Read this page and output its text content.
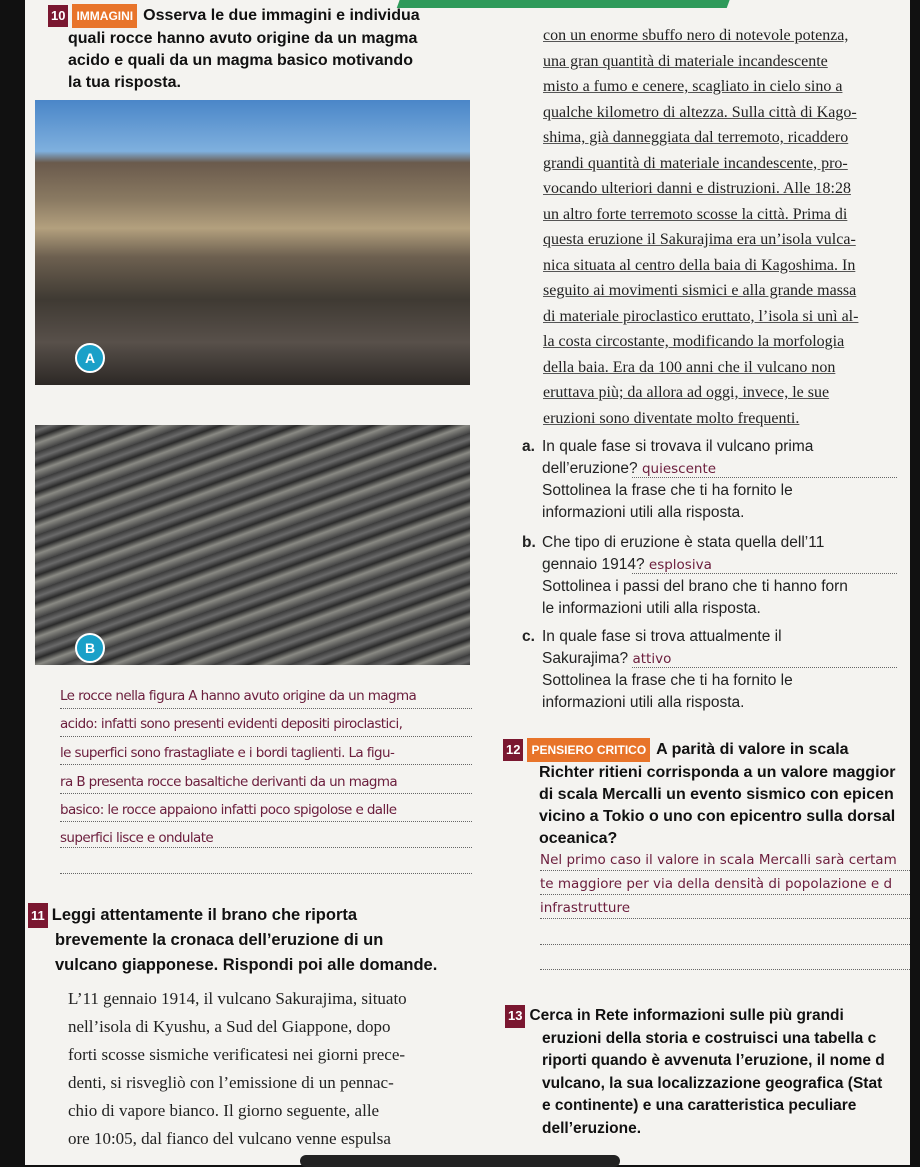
10 IMMAGINI Osserva le due immagini e individua
quali rocce hanno avuto origine da un magma
acido e quali da un magma basico motivando
la tua risposta.
A
B
Le rocce nella figura A hanno avuto origine da un magma
acido: infatti sono presenti evidenti depositi piroclastici,
le superfici sono frastagliate e i bordi taglienti. La figu-
ra B presenta rocce basaltiche derivanti da un magma
basico: le rocce appaiono infatti poco spigolose e dalle
superfici lisce e ondulate
11 Leggi attentamente il brano che riporta
brevemente la cronaca dell’eruzione di un
vulcano giapponese. Rispondi poi alle domande.
L’11 gennaio 1914, il vulcano Sakurajima, situato
nell’isola di Kyushu, a Sud del Giappone, dopo
forti scosse sismiche verificatesi nei giorni prece-
denti, si risvegliò con l’emissione di un pennac-
chio di vapore bianco. Il giorno seguente, alle
ore 10:05, dal fianco del vulcano venne espulsa
con un enorme sbuffo nero di notevole potenza,
una gran quantità di materiale incandescente
misto a fumo e cenere, scagliato in cielo sino a
qualche kilometro di altezza. Sulla città di Kago-
shima, già danneggiata dal terremoto, ricaddero
grandi quantità di materiale incandescente, pro-
vocando ulteriori danni e distruzioni. Alle 18:28
un altro forte terremoto scosse la città. Prima di
questa eruzione il Sakurajima era un’isola vulca-
nica situata al centro della baia di Kagoshima. In
seguito ai movimenti sismici e alla grande massa
di materiale piroclastico eruttato, l’isola si unì al-
la costa circostante, modificando la morfologia
della baia. Era da 100 anni che il vulcano non
eruttava più; da allora ad oggi, invece, le sue
eruzioni sono diventate molto frequenti.
a. In quale fase si trovava il vulcano prima
dell’eruzione? quiescente
Sottolinea la frase che ti ha fornito le
informazioni utili alla risposta.
b. Che tipo di eruzione è stata quella dell’11
gennaio 1914? esplosiva
Sottolinea i passi del brano che ti hanno forn
le informazioni utili alla risposta.
c. In quale fase si trova attualmente il
Sakurajima? attivo
Sottolinea la frase che ti ha fornito le
informazioni utili alla risposta.
12 PENSIERO CRITICO A parità di valore in scala
Richter ritieni corrisponda a un valore maggior
di scala Mercalli un evento sismico con epicen
vicino a Tokio o uno con epicentro sulla dorsal
oceanica?
Nel primo caso il valore in scala Mercalli sarà certam
te maggiore per via della densità di popolazione e d
infrastrutture
13 Cerca in Rete informazioni sulle più grandi
eruzioni della storia e costruisci una tabella c
riporti quando è avvenuta l’eruzione, il nome d
vulcano, la sua localizzazione geografica (Stat
e continente) e una caratteristica peculiare
dell’eruzione.
